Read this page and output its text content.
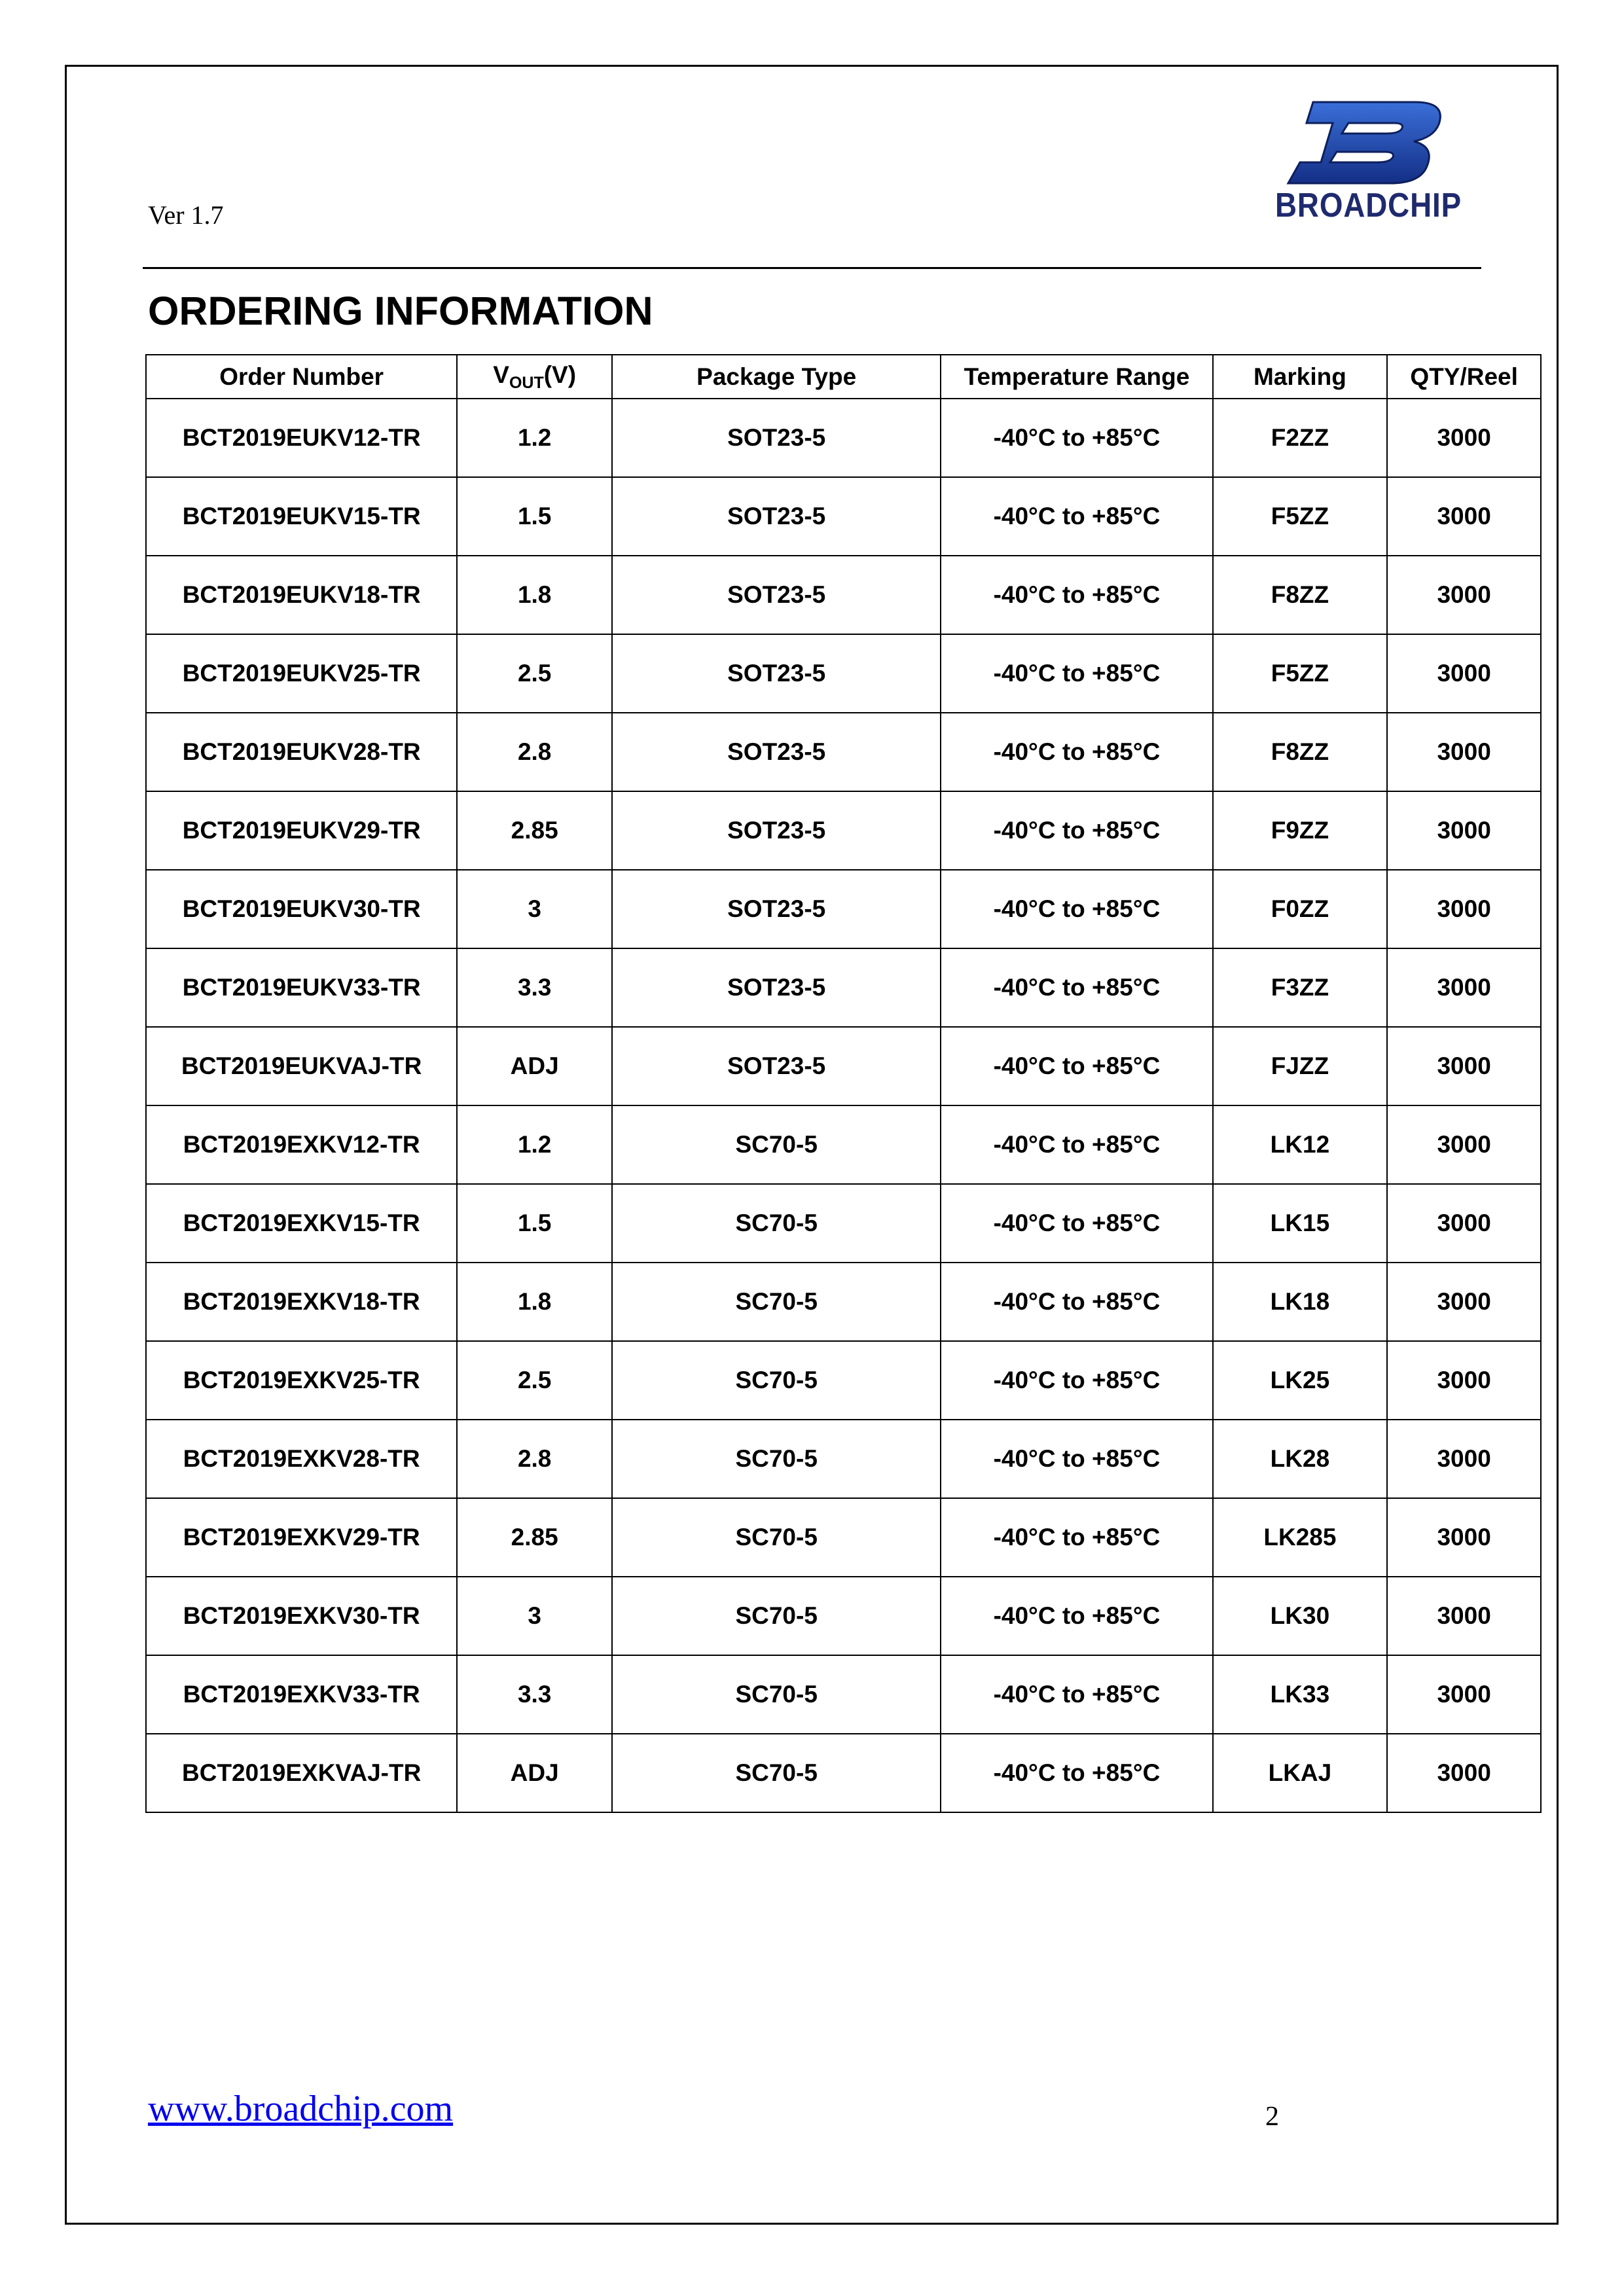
Ver 1.7	BROADCHIP
ORDERING INFORMATION
Order Number	$V_{OUT}(V)$	Package Type	Temperature Range	Marking	QTY/Reel
BCT2019EUKV12-TR	1.2	SOT23-5	-40°C to +85°C	F2ZZ	3000
BCT2019EUKV15-TR	1.5	SOT23-5	-40°C to +85°C	F5ZZ	3000
BCT2019EUKV18-TR	1.8	SOT23-5	-40°C to +85°C	F8ZZ	3000
BCT2019EUKV25-TR	2.5	SOT23-5	-40°C to +85°C	F5ZZ	3000
BCT2019EUKV28-TR	2.8	SOT23-5	-40°C to +85°C	F8ZZ	3000
BCT2019EUKV29-TR	2.85	SOT23-5	-40°C to +85°C	F9ZZ	3000
BCT2019EUKV30-TR	3	SOT23-5	-40°C to +85°C	F0ZZ	3000
BCT2019EUKV33-TR	3.3	SOT23-5	-40°C to +85°C	F3ZZ	3000
BCT2019EUKVAJ-TR	ADJ	SOT23-5	-40°C to +85°C	FJZZ	3000
BCT2019EXKV12-TR	1.2	SC70-5	-40°C to +85°C	LK12	3000
BCT2019EXKV15-TR	1.5	SC70-5	-40°C to +85°C	LK15	3000
BCT2019EXKV18-TR	1.8	SC70-5	-40°C to +85°C	LK18	3000
BCT2019EXKV25-TR	2.5	SC70-5	-40°C to +85°C	LK25	3000
BCT2019EXKV28-TR	2.8	SC70-5	-40°C to +85°C	LK28	3000
BCT2019EXKV29-TR	2.85	SC70-5	-40°C to +85°C	LK285	3000
BCT2019EXKV30-TR	3	SC70-5	-40°C to +85°C	LK30	3000
BCT2019EXKV33-TR	3.3	SC70-5	-40°C to +85°C	LK33	3000
BCT2019EXKVAJ-TR	ADJ	SC70-5	-40°C to +85°C	LKAJ	3000
www.broadchip.com	2
